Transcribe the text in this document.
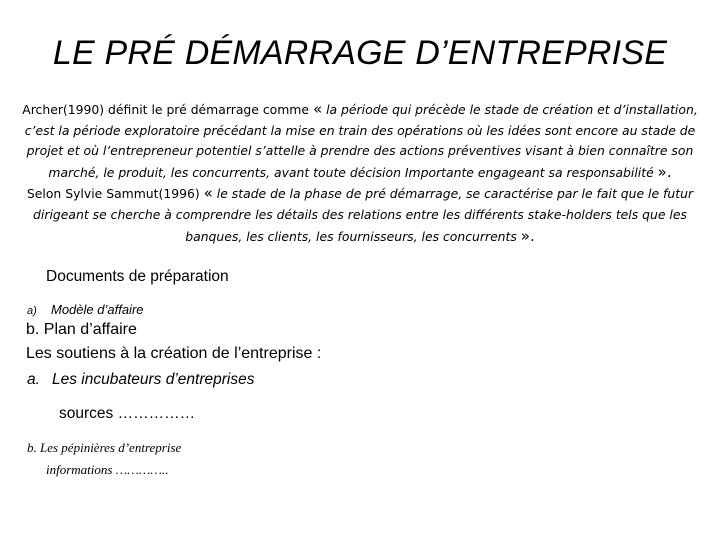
LE PRÉ DÉMARRAGE D’ENTREPRISE

Archer(1990) définit le pré démarrage comme « la période qui précède le stade de création et d’installation, c’est la période exploratoire précédant la mise en train des opérations où les idées sont encore au stade de projet et où l’entrepreneur potentiel s’attelle à prendre des actions préventives visant à bien connaître son marché, le produit, les concurrents, avant toute décision Importante engageant sa responsabilité ».

Selon Sylvie Sammut(1996) « le stade de la phase de pré démarrage, se caractérise par le fait que le futur dirigeant se cherche à comprendre les détails des relations entre les différents stake-holders tels que les banques, les clients, les fournisseurs, les concurrents ».

Documents de préparation
a) Modèle d’affaire
b. Plan d’affaire
Les soutiens à la création de l’entreprise :
a. Les incubateurs d’entreprises
sources ……………
b. Les pépinières d’entreprise
informations …………..
